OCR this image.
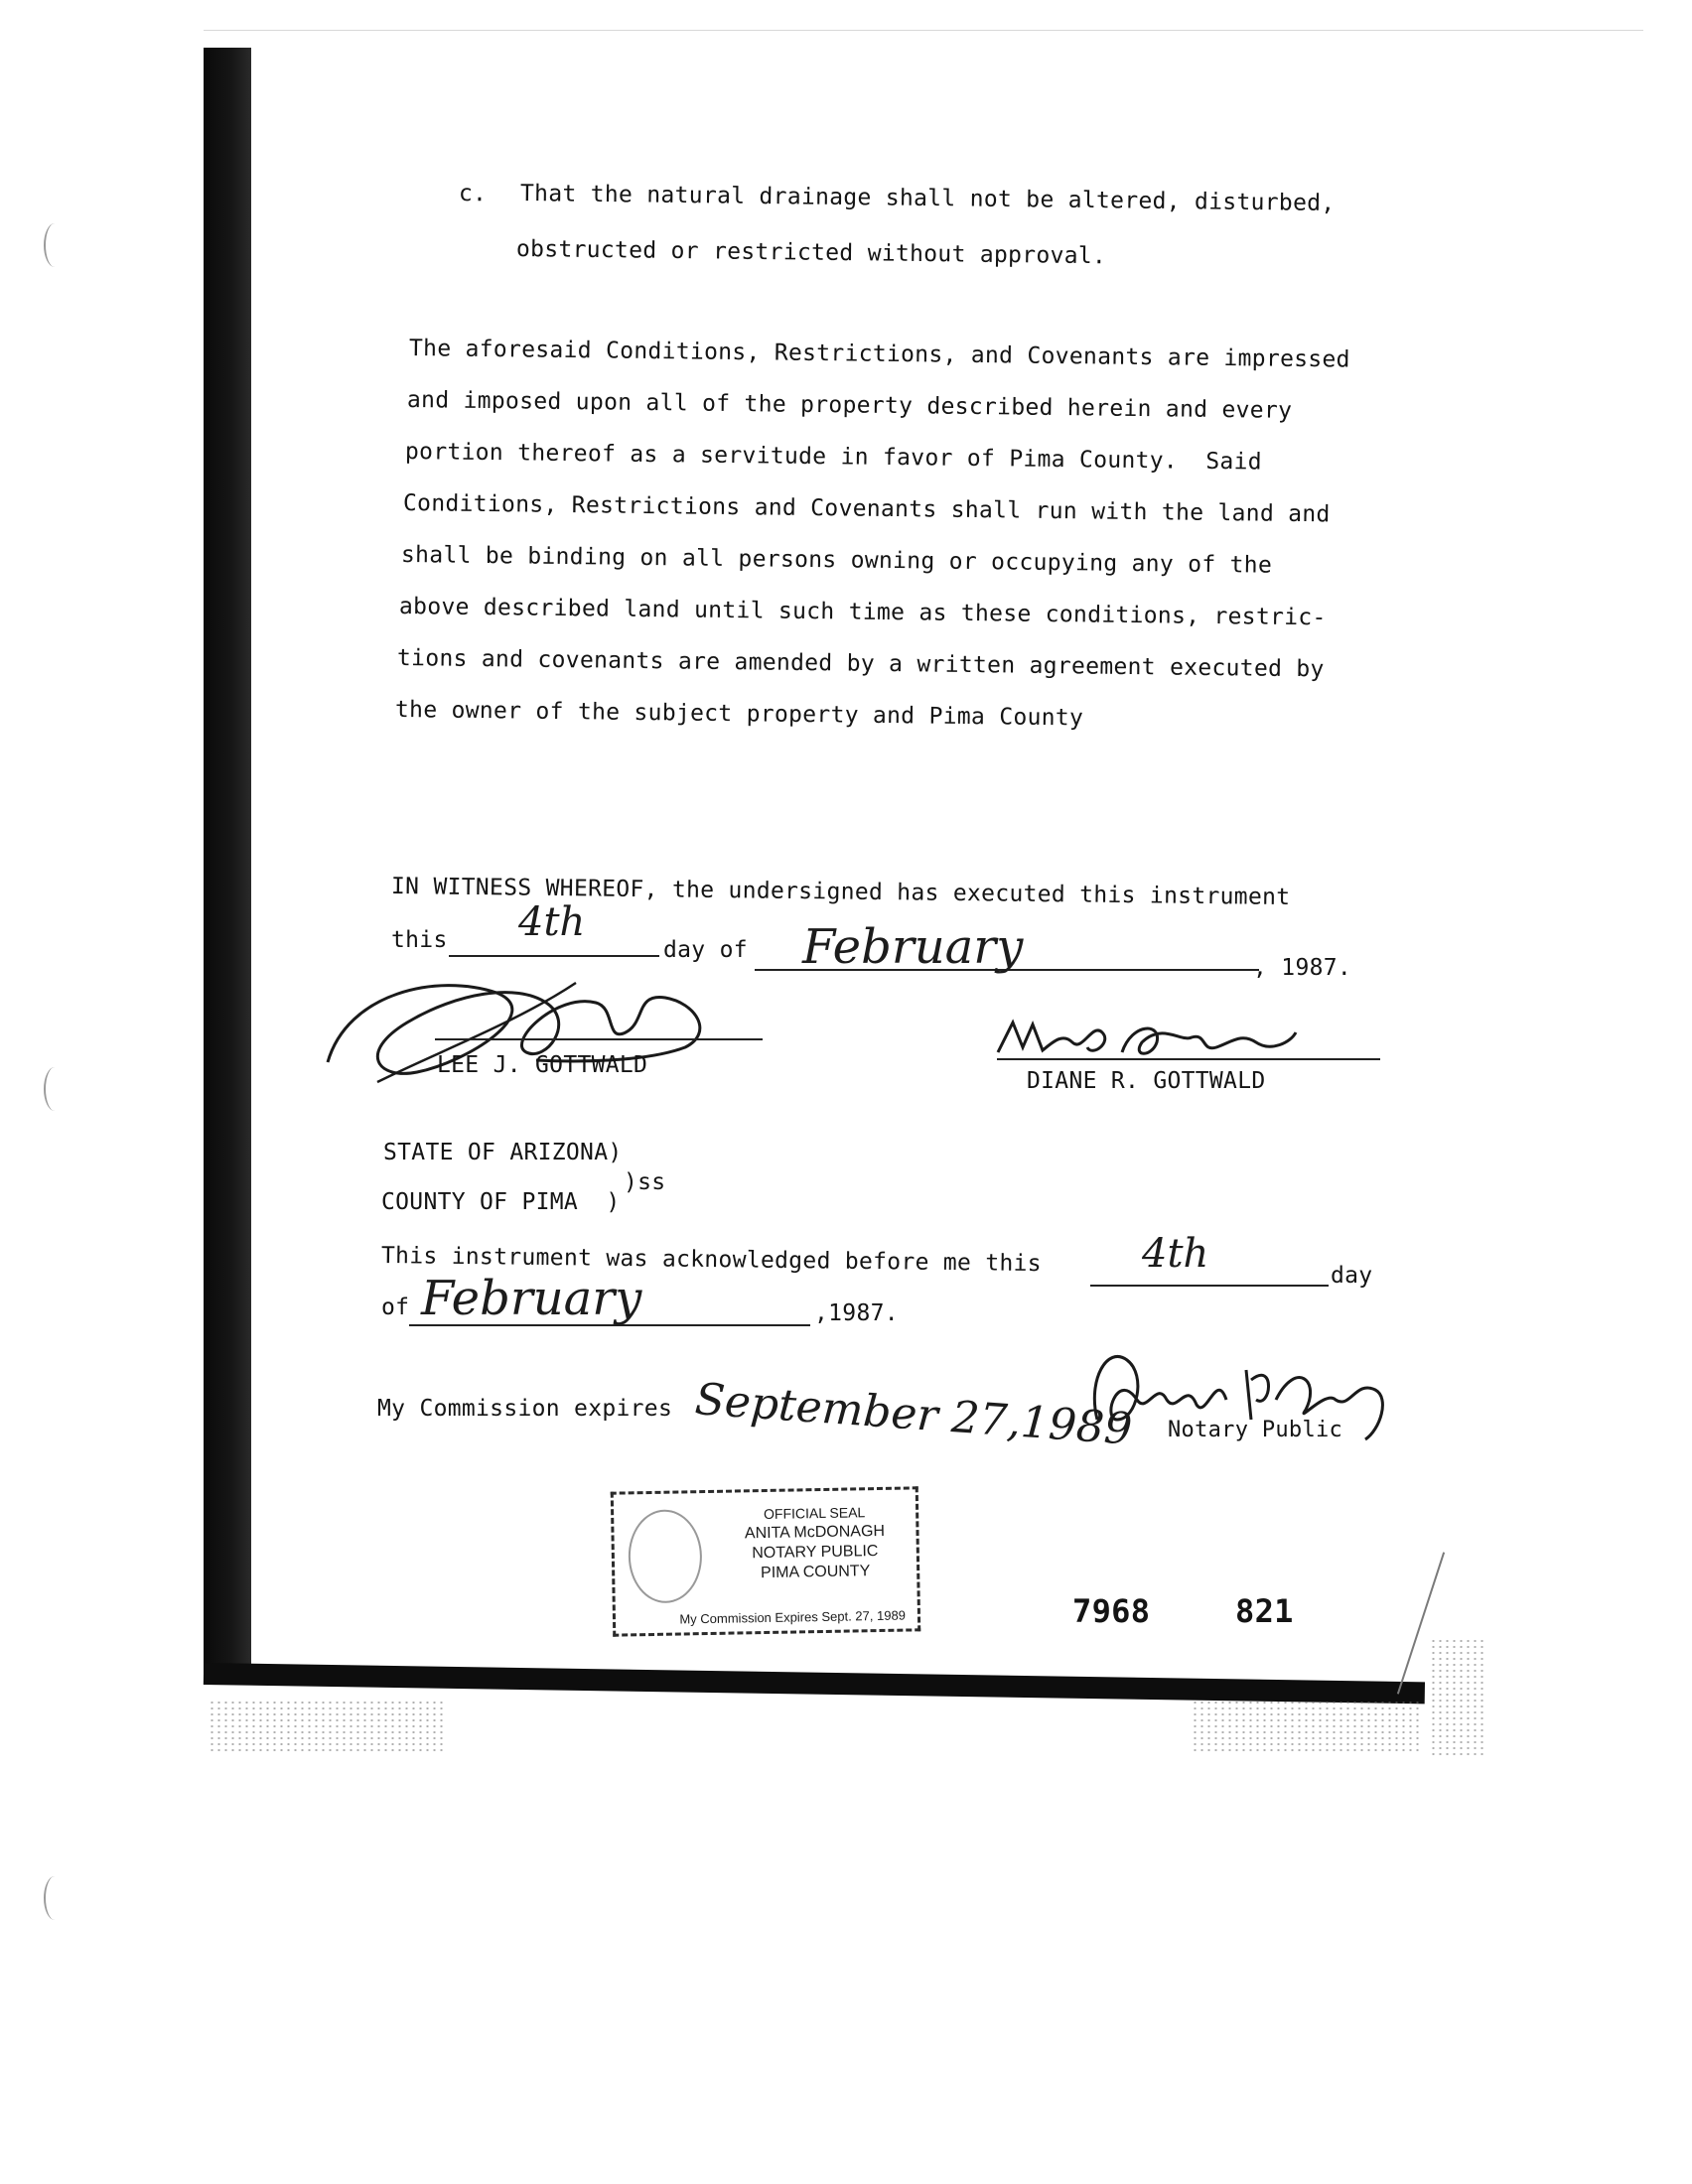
c. That the natural drainage shall not be altered, disturbed,
obstructed or restricted without approval.
The aforesaid Conditions, Restrictions, and Covenants are impressed
and imposed upon all of the property described herein and every
portion thereof as a servitude in favor of Pima County.  Said
Conditions, Restrictions and Covenants shall run with the land and
shall be binding on all persons owning or occupying any of the
above described land until such time as these conditions, restric-
tions and covenants are amended by a written agreement executed by
the owner of the subject property and Pima County
IN WITNESS WHEREOF, the undersigned has executed this instrument
this 4th
day of February	, 1987.
LEE J. GOTTWALD
DIANE R. GOTTWALD
STATE OF ARIZONA)
)ss
COUNTY OF PIMA  )
This instrument was acknowledged before me this	4th	day
of February	,1987.
My Commission expires September 27,1989 Notary Public
OFFICIAL SEAL
ANITA McDONAGH
NOTARY PUBLIC
PIMA COUNTY
My Commission Expires Sept. 27, 1989	7968	821
